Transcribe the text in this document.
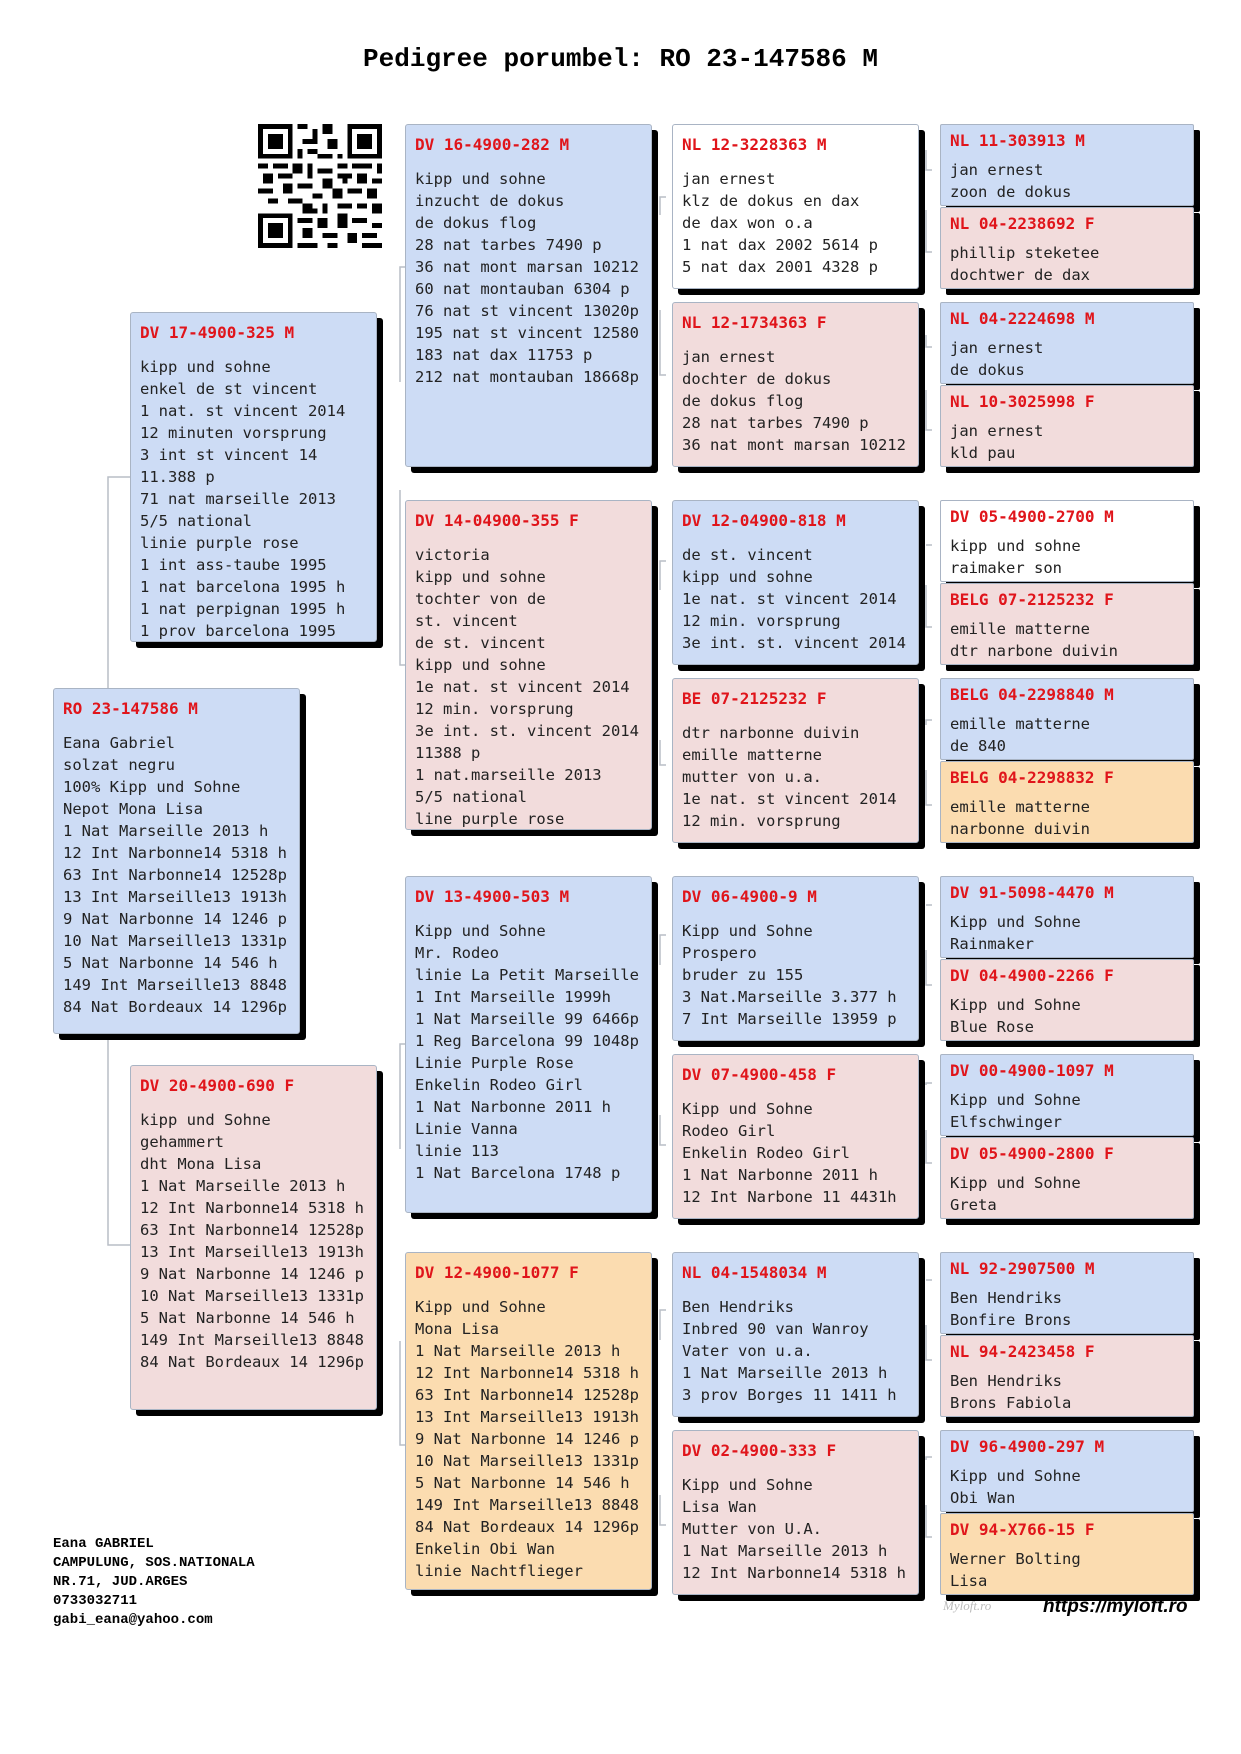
Pedigree porumbel: RO 23-147586 M
RO 23-147586 M
Eana Gabriel
solzat negru
100% Kipp und Sohne
Nepot Mona Lisa
1 Nat Marseille 2013 h
12 Int Narbonne14 5318 h
63 Int Narbonne14 12528p
13 Int Marseille13 1913h
9 Nat Narbonne 14 1246 p
10 Nat Marseille13 1331p
5 Nat Narbonne 14 546 h
149 Int Marseille13 8848
84 Nat Bordeaux 14 1296p
DV 17-4900-325 M
kipp und sohne
enkel de st vincent
1 nat. st vincent 2014
12 minuten vorsprung
3 int st vincent 14
11.388 p
71 nat marseille 2013
5/5 national
linie purple rose
1 int ass-taube 1995
1 nat barcelona 1995 h
1 nat perpignan 1995 h
1 prov barcelona 1995
DV 20-4900-690 F
kipp und Sohne
gehammert
dht Mona Lisa
1 Nat Marseille 2013 h
12 Int Narbonne14 5318 h
63 Int Narbonne14 12528p
13 Int Marseille13 1913h
9 Nat Narbonne 14 1246 p
10 Nat Marseille13 1331p
5 Nat Narbonne 14 546 h
149 Int Marseille13 8848
84 Nat Bordeaux 14 1296p
DV 16-4900-282 M
kipp und sohne
inzucht de dokus
de dokus flog
28 nat tarbes 7490 p
36 nat mont marsan 10212
60 nat montauban 6304 p
76 nat st vincent 13020p
195 nat st vincent 12580
183 nat dax 11753 p
212 nat montauban 18668p
DV 14-04900-355 F
victoria
kipp und sohne
tochter von de
st. vincent
de st. vincent
kipp und sohne
1e nat. st vincent 2014
12 min. vorsprung
3e int. st. vincent 2014
11388 p
1 nat.marseille 2013
5/5 national
line purple rose
DV 13-4900-503 M
Kipp und Sohne
Mr. Rodeo
linie La Petit Marseille
1 Int Marseille 1999h
1 Nat Marseille 99 6466p
1 Reg Barcelona 99 1048p
Linie Purple Rose
Enkelin Rodeo Girl
1 Nat Narbonne 2011 h
Linie Vanna
linie 113
1 Nat Barcelona 1748 p
DV 12-4900-1077 F
Kipp und Sohne
Mona Lisa
1 Nat Marseille 2013 h
12 Int Narbonne14 5318 h
63 Int Narbonne14 12528p
13 Int Marseille13 1913h
9 Nat Narbonne 14 1246 p
10 Nat Marseille13 1331p
5 Nat Narbonne 14 546 h
149 Int Marseille13 8848
84 Nat Bordeaux 14 1296p
Enkelin Obi Wan
linie Nachtflieger
NL 12-3228363 M
jan ernest
klz de dokus en dax
de dax won o.a
1 nat dax 2002 5614 p
5 nat dax 2001 4328 p
NL 12-1734363 F
jan ernest
dochter de dokus
de dokus flog
28 nat tarbes 7490 p
36 nat mont marsan 10212
DV 12-04900-818 M
de st. vincent
kipp und sohne
1e nat. st vincent 2014
12 min. vorsprung
3e int. st. vincent 2014
BE 07-2125232 F
dtr narbonne duivin
emille matterne
mutter von u.a.
1e nat. st vincent 2014
12 min. vorsprung
DV 06-4900-9 M
Kipp und Sohne
Prospero
bruder zu 155
3 Nat.Marseille 3.377 h
7 Int Marseille 13959 p
DV 07-4900-458 F
Kipp und Sohne
Rodeo Girl
Enkelin Rodeo Girl
1 Nat Narbonne 2011 h
12 Int Narbone 11 4431h
NL 04-1548034 M
Ben Hendriks
Inbred 90 van Wanroy
Vater von u.a.
1 Nat Marseille 2013 h
3 prov Borges 11 1411 h
DV 02-4900-333 F
Kipp und Sohne
Lisa Wan
Mutter von U.A.
1 Nat Marseille 2013 h
12 Int Narbonne14 5318 h
NL 11-303913 M
jan ernest
zoon de dokus
NL 04-2238692 F
phillip steketee
dochtwer de dax
NL 04-2224698 M
jan ernest
de dokus
NL 10-3025998 F
jan ernest
kld pau
DV 05-4900-2700 M
kipp und sohne
raimaker son
BELG 07-2125232 F
emille matterne
dtr narbone duivin
BELG 04-2298840 M
emille matterne
de 840
BELG 04-2298832 F
emille matterne
narbonne duivin
DV 91-5098-4470 M
Kipp und Sohne
Rainmaker
DV 04-4900-2266 F
Kipp und Sohne
Blue Rose
DV 00-4900-1097 M
Kipp und Sohne
Elfschwinger
DV 05-4900-2800 F
Kipp und Sohne
Greta
NL 92-2907500 M
Ben Hendriks
Bonfire Brons
NL 94-2423458 F
Ben Hendriks
Brons Fabiola
DV 96-4900-297 M
Kipp und Sohne
Obi Wan
DV 94-X766-15 F
Werner Bolting
Lisa
Eana GABRIEL
CAMPULUNG, SOS.NATIONALA
NR.71, JUD.ARGES
0733032711
gabi_eana@yahoo.com
Myloft.ro	https://myloft.ro
